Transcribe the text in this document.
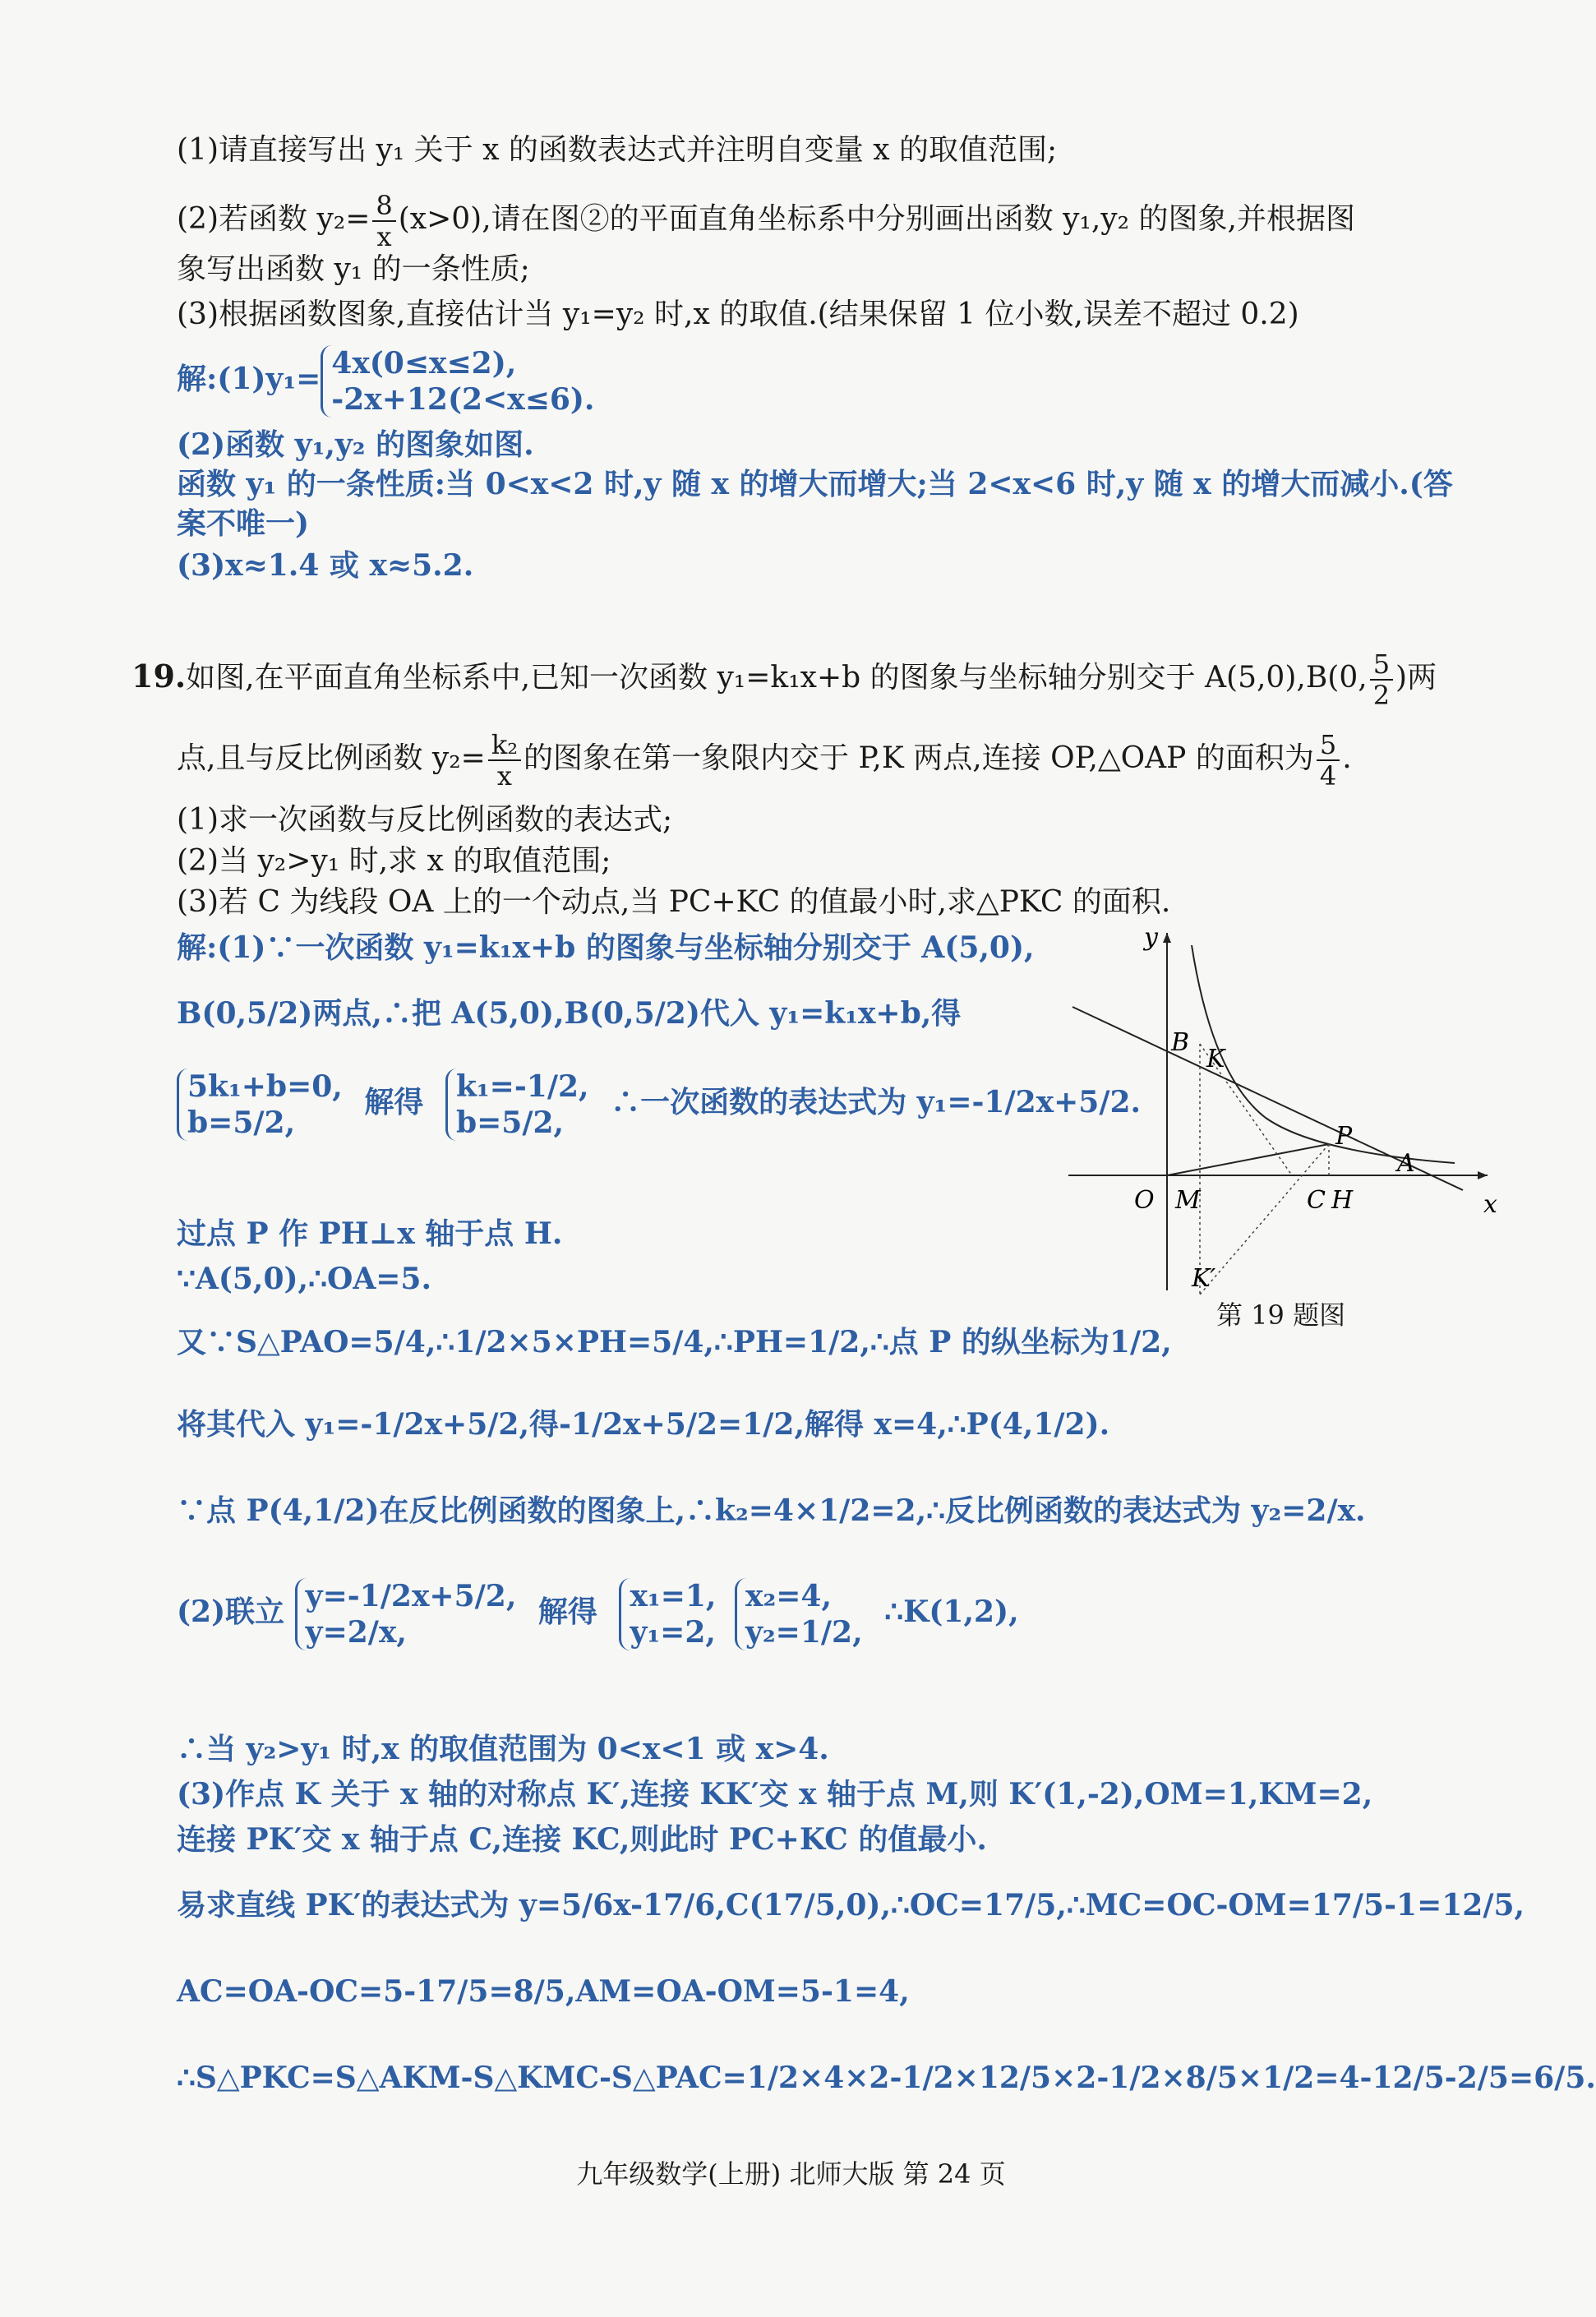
(1)请直接写出 y₁ 关于 x 的函数表达式并注明自变量 x 的取值范围;
(2)若函数 $y_2= \frac{8}{x} (x>0)$,请在图②的平面直角坐标系中分别画出函数 y₁,y₂ 的图象,并根据图
象写出函数 y₁ 的一条性质;
(3)根据函数图象,直接估计当 y₁=y₂ 时,x 的取值.(结果保留 1 位小数,误差不超过 0.2)
解:(1)y₁= 4x(0≤x≤2),
-2x+12(2<x≤6).
(2)函数 y₁,y₂ 的图象如图.
函数 y₁ 的一条性质:当 0<x<2 时,y 随 x 的增大而增大;当 2<x<6 时,y 随 x 的增大而减小.(答
案不唯一)
(3)x≈1.4 或 x≈5.2.
19.如图,在平面直角坐标系中,已知一次函数 y₁=k₁x+b 的图象与坐标轴分别交于 A(5,0),B(0, $\frac{5}{2}$ )两
点,且与反比例函数 $y_2= \frac{\text{k₂}}{x}$ 的图象在第一象限内交于 P,K 两点,连接 OP,△OAP 的面积为 $\frac{5}{4}$ .
(1)求一次函数与反比例函数的表达式;
(2)当 y₂>y₁ 时,求 x 的取值范围;
(3)若 C 为线段 OA 上的一个动点,当 PC+KC 的值最小时,求△PKC 的面积.
解:(1)∵一次函数 y₁=k₁x+b 的图象与坐标轴分别交于 A(5,0),
B(0,5/2)两点,∴把 A(5,0),B(0,5/2)代入 y₁=k₁x+b,得
5k₁+b=0,
b=5/2,
解得 k₁=-1/2,
b=5/2,
∴一次函数的表达式为 y₁=-1/2x+5/2.
过点 P 作 PH⊥x 轴于点 H.
∵A(5,0),∴OA=5.
又∵S△PAO=5/4,∴1/2×5×PH=5/4,∴PH=1/2,∴点 P 的纵坐标为1/2,
将其代入 y₁=-1/2x+5/2,得-1/2x+5/2=1/2,解得 x=4,∴P(4,1/2).
∵点 P(4,1/2)在反比例函数的图象上,∴k₂=4×1/2=2,∴反比例函数的表达式为 y₂=2/x.
(2)联立 y=-1/2x+5/2,
y=2/x,
解得 x₁=1,
y₁=2,

x₂=4,
y₂=1/2,
∴K(1,2),
∴当 y₂>y₁ 时,x 的取值范围为 0<x<1 或 x>4.
(3)作点 K 关于 x 轴的对称点 K′,连接 KK′交 x 轴于点 M,则 K′(1,-2),OM=1,KM=2,
连接 PK′交 x 轴于点 C,连接 KC,则此时 PC+KC 的值最小.
易求直线 PK′的表达式为 y=5/6x-17/6,C(17/5,0),∴OC=17/5,∴MC=OC-OM=17/5-1=12/5,
AC=OA-OC=5-17/5=8/5,AM=OA-OM=5-1=4,
∴S△PKC=S△AKM-S△KMC-S△PAC=1/2×4×2-1/2×12/5×2-1/2×8/5×1/2=4-12/5-2/5=6/5.
y
x
O
B
K
P
A
M	C H
K′
第 19 题图
九年级数学(上册) 北师大版 第 24 页
